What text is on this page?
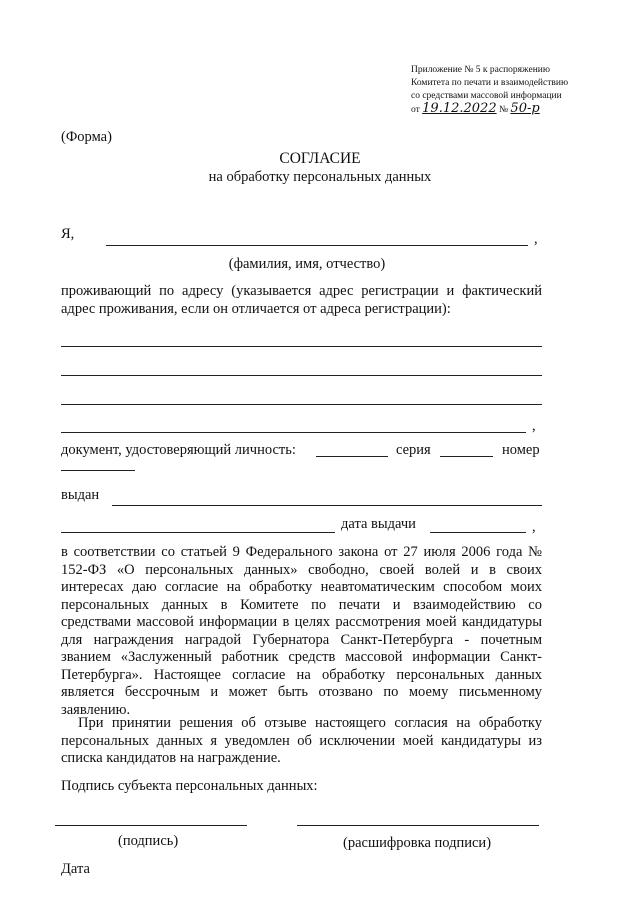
Приложение № 5 к распоряжению
Комитета по печати и взаимодействию
со средствами массовой информации
от 19.12.2022 № 50-р
(Форма)
СОГЛАСИЕ
на обработку персональных данных
Я,	,
(фамилия, имя, отчество)
проживающий по адресу (указывается адрес регистрации и фактический адрес проживания, если он отличается от адреса регистрации):
,
документ, удостоверяющий личность:	серия	номер
выдан
дата выдачи	,
в соответствии со статьей 9 Федерального закона от 27 июля 2006 года № 152-ФЗ «О персональных данных» свободно, своей волей и в своих интересах даю согласие на обработку неавтоматическим способом моих персональных данных в Комитете по печати и взаимодействию со средствами массовой информации в целях рассмотрения моей кандидатуры для награждения наградой Губернатора Санкт-Петербурга - почетным званием «Заслуженный работник средств массовой информации Санкт-Петербурга». Настоящее согласие на обработку персональных данных является бессрочным и может быть отозвано по моему письменному заявлению.
При принятии решения об отзыве настоящего согласия на обработку персональных данных я уведомлен об исключении моей кандидатуры из списка кандидатов на награждение.
Подпись субъекта персональных данных:
(подпись)	(расшифровка подписи)
Дата
